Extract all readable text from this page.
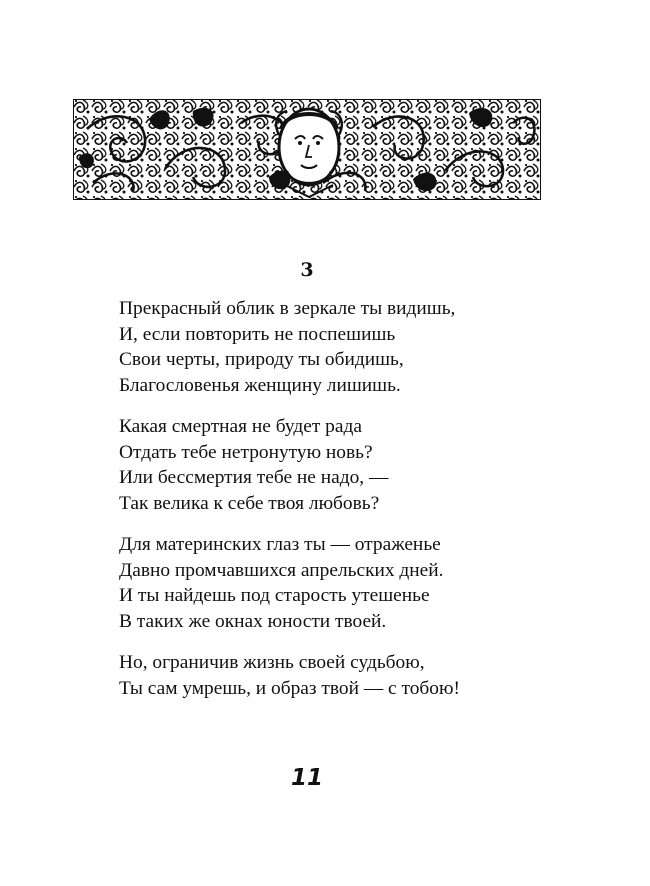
3
Прекрасный облик в зеркале ты видишь,
И, если повторить не поспешишь
Свои черты, природу ты обидишь,
Благословенья женщину лишишь.
Какая смертная не будет рада
Отдать тебе нетронутую новь?
Или бессмертия тебе не надо, —
Так велика к себе твоя любовь?
Для материнских глаз ты — отраженье
Давно промчавшихся апрельских дней.
И ты найдешь под старость утешенье
В таких же окнах юности твоей.
Но, ограничив жизнь своей судьбою,
Ты сам умрешь, и образ твой — с тобою!
11
